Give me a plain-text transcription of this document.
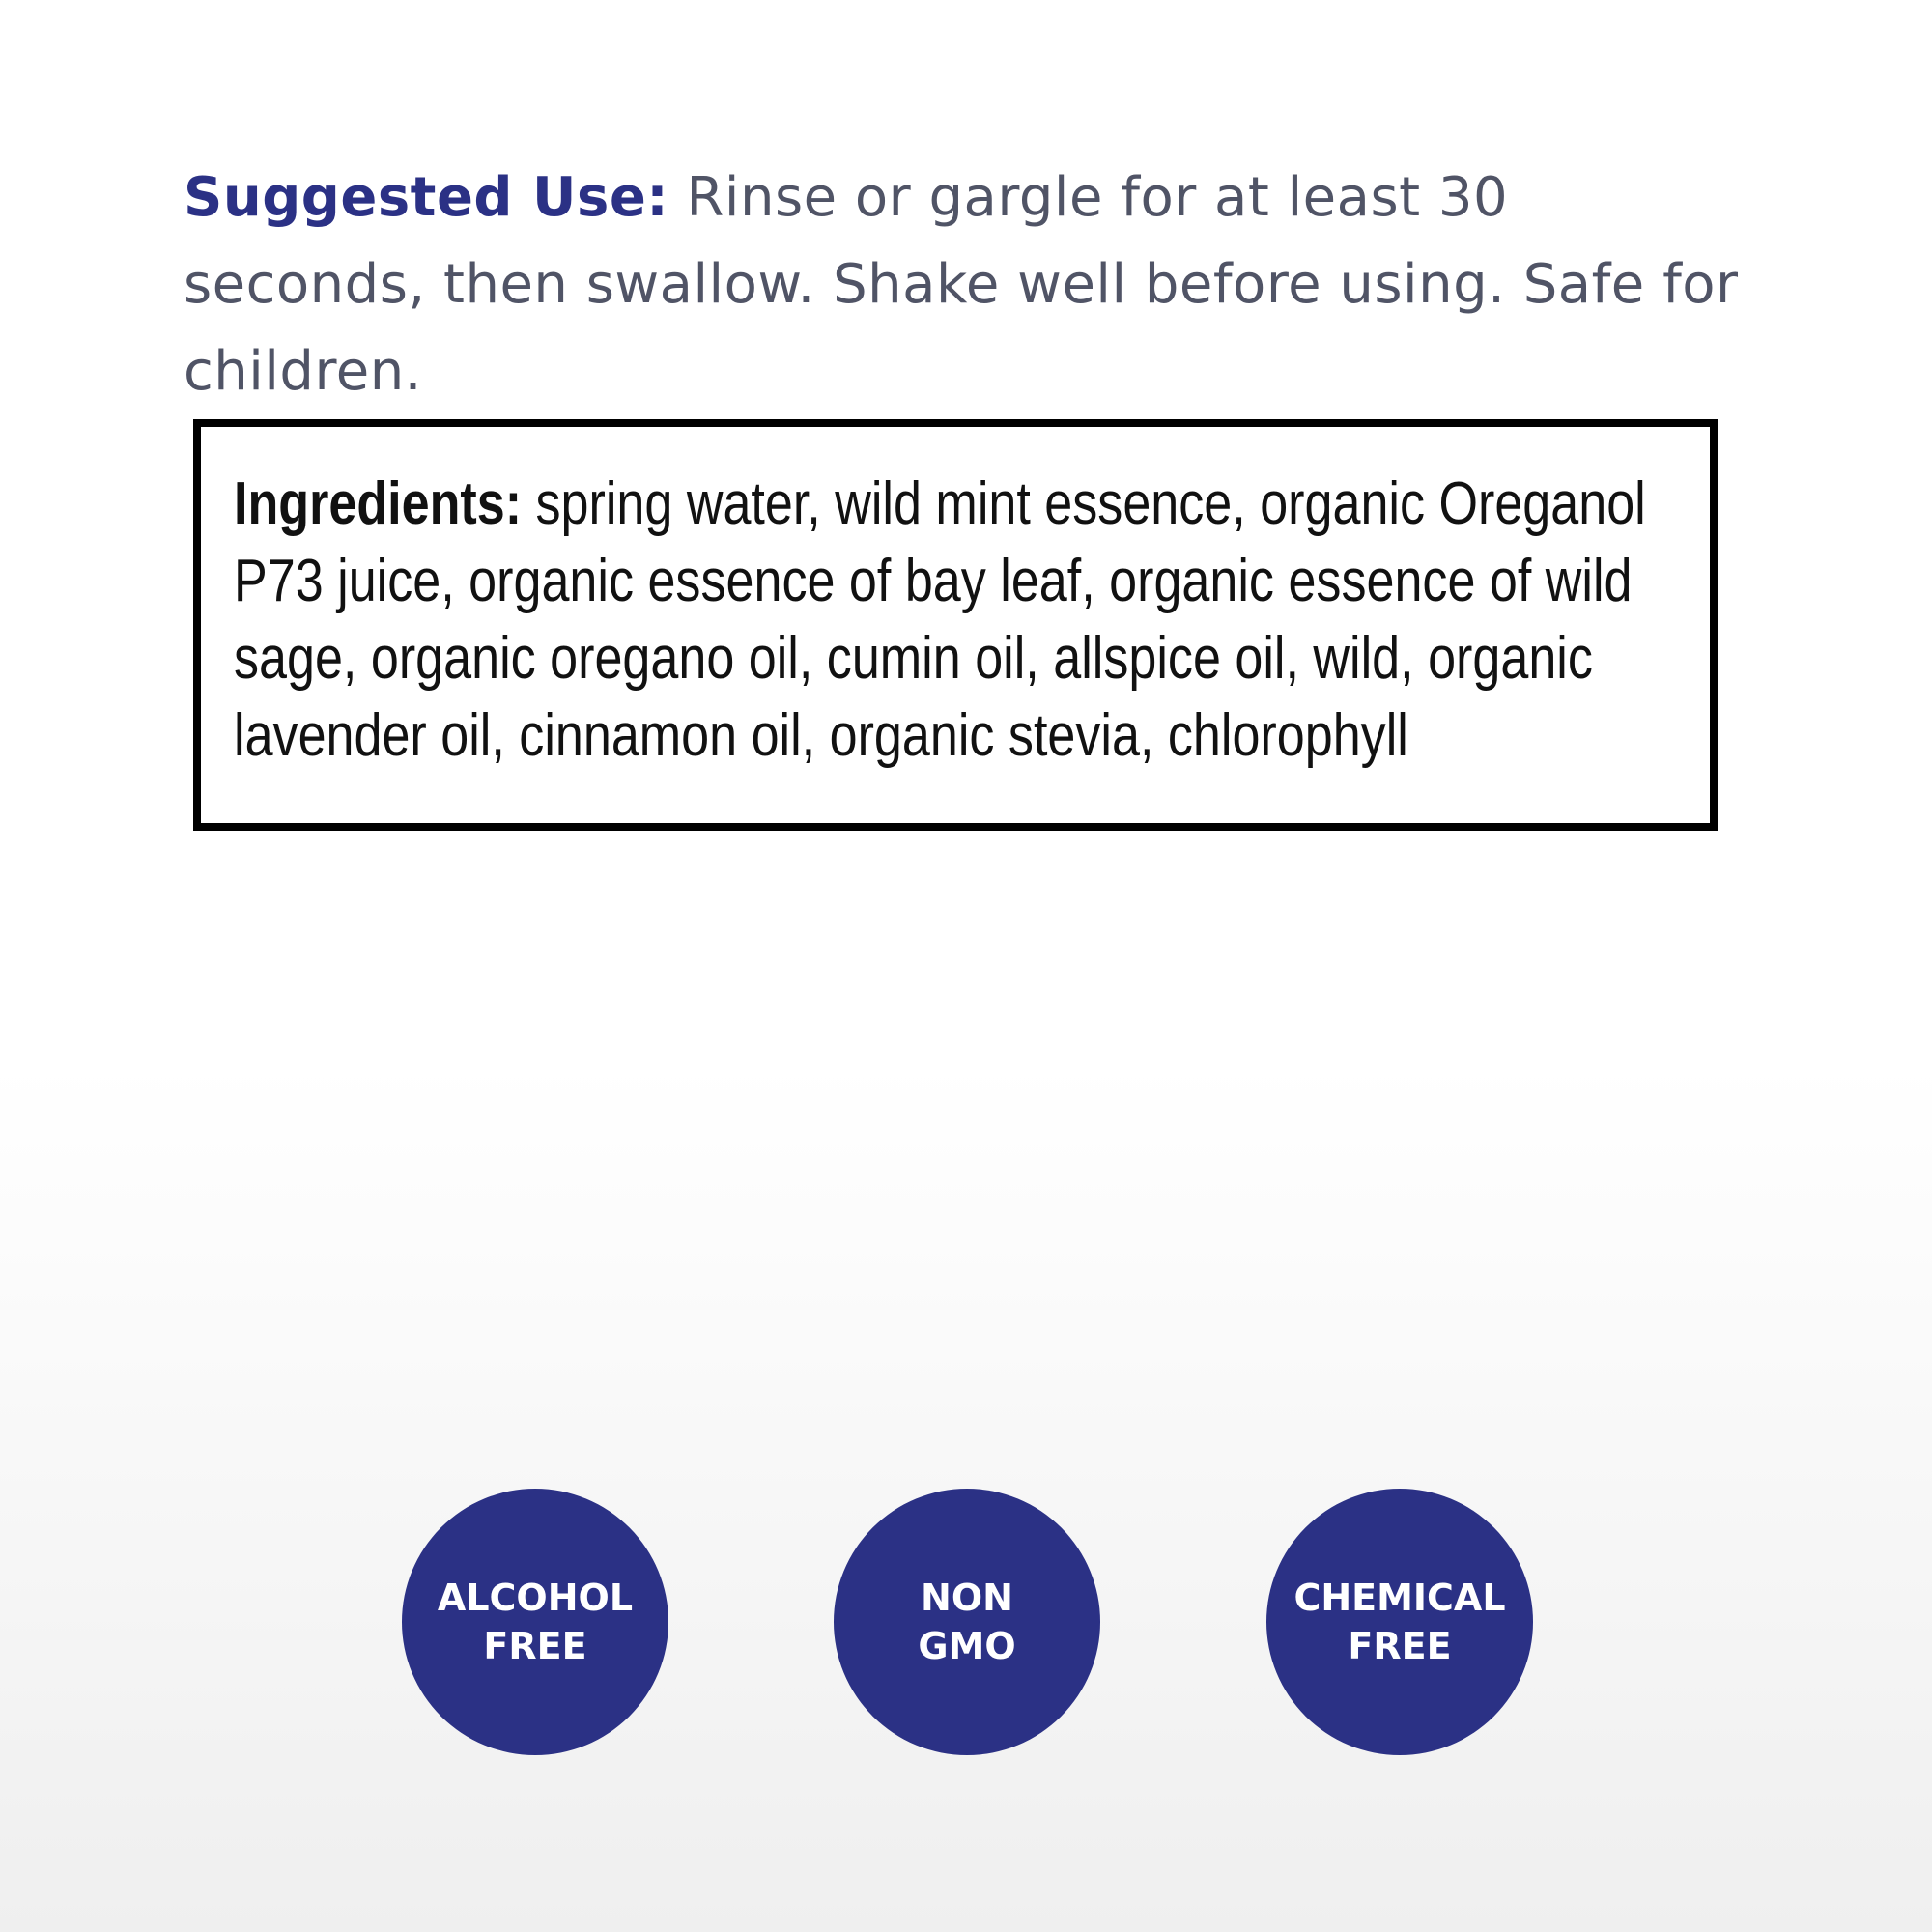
Suggested Use: Rinse or gargle for at least 30 seconds, then swallow. Shake well before using. Safe for children.
Ingredients: spring water, wild mint essence, organic Oreganol P73 juice, organic essence of bay leaf, organic essence of wild sage, organic oregano oil, cumin oil, allspice oil, wild, organic lavender oil, cinnamon oil, organic stevia, chlorophyll
ALCOHOL
FREE
NON
GMO
CHEMICAL
FREE
